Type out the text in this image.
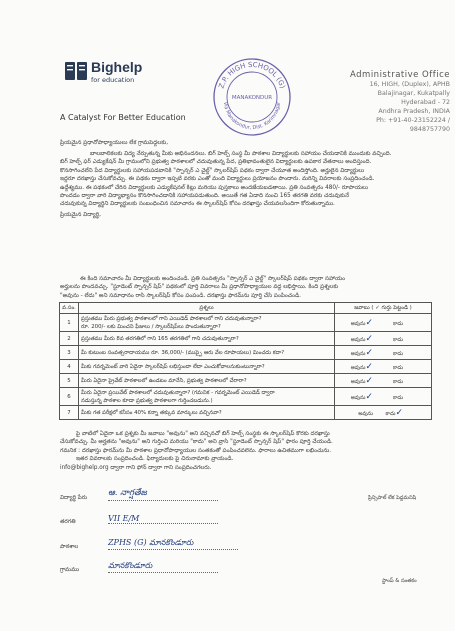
Bighelp
for education
A Catalyst For Better Education
Z.P. HIGH SCHOOL (G)
Via Manakondur, Dist. Karimnagar
MANAKONDUR
Administrative Office
16, HIGH, (Duplex), APHB
Balajinagar, Kukatpally
Hyderabad - 72
Andhra Pradesh, INDIA
Ph: +91-40-23152224 / 9848757790
ప్రియమైన ప్రధానోపాధ్యాయులు లేక గ్రామపెద్దలకు,
బాలబాలికలకు విద్య నేర్పుతున్న మీకు అభినందనలు. బిగ్ హెల్ప్ సంస్థ మీ పాఠశాల విద్యార్థులకు సహాయం చేయడానికి ముందుకు వచ్చింది.
బిగ్ హెల్ప్ ఫర్ ఎడ్యుకేషన్ మీ గ్రామంలోని ప్రభుత్వ పాఠశాలలో చదువుతున్న పేద, ప్రతిభావంతులైన విద్యార్థులకు ఉపకార వేతనాలు అందిస్తుంది.
కొనసాగించలేని పేద విద్యార్థులకు సహాయపడటానికి "స్పాన్సర్ ఎ చైల్డ్" స్కాలర్‌షిప్ పథకం ద్వారా చేయూత అందిస్తోంది. అర్హులైన విద్యార్థులు
ఇద్దరూ దరఖాస్తు చేసుకోవచ్చు. ఈ పథకం ద్వారా ఇప్పటి వరకు ఎంతో మంది విద్యార్థులు ప్రయోజనం పొందారు. మరిన్ని వివరాలకు సంప్రదించండి.
ఉద్దేశ్యము. ఈ పథకంలో చేరిన విద్యార్థులకు ఎడ్యుకేషనల్ కిట్లు మరియు పుస్తకాలు అందజేయబడతాయి. ప్రతి సంవత్సరం 480/- రూపాయలు
పొందడం ద్వారా వారి విద్యాభ్యాసం కొనసాగించడానికి సహాయపడుతుంది. అయితే గత ఏడాది నుంచి 165 తరగతి వరకు చదువుకునే
చదువుకున్న విద్యార్థిని విద్యార్థులకు సంబంధించిన సమాచారం ఈ స్కాలర్‌షిప్ కోసం దరఖాస్తు చేయవలసిందిగా కోరుతున్నాము.
ప్రియమైన విద్యార్థి,
ఈ కింది సమాచారం మీ విద్యార్థులకు అందించండి. ప్రతి సంవత్సరం "స్పాన్సర్ ఎ చైల్డ్" స్కాలర్‌షిప్ పథకం ద్వారా సహాయం
అర్హులను పొందవచ్చు. "స్టూడెంట్ స్పాన్సర్ షిప్" పథకంలో పూర్తి వివరాలు మీ ప్రధానోపాధ్యాయుల వద్ద లభిస్తాయి. కింది ప్రశ్నలకు
"అవును - లేదు" అని సమాధానం రాసి స్కాలర్‌షిప్ కోసం పంపండి. దరఖాస్తు ఫారమ్‌ను పూర్తి చేసి పంపించండి.
వ.సం.	ప్రశ్నలు	జవాబు ( ✓ గుర్తు పెట్టండి )
1	ప్రస్తుతము మీరు ప్రభుత్వ పాఠశాలలో గాని ఎయిడెడ్ పాఠశాలలో గాని చదువుతున్నారా?
రూ. 200/- లకు మించని ఫీజులు / స్కాలర్‌షిప్‌లు పొందుతున్నారా?	అవును✓ కాదు
2	ప్రస్తుతము మీరు 8వ తరగతిలో గాని 165 తరగతిలో గాని చదువుతున్నారా?	అవును✓ కాదు
3	మీ కుటుంబ సంవత్సరాదాయము రూ. 36,000/- (ముప్పై ఆరు వేల రూపాయలు) మించదు కదా?	అవును✓ కాదు
4	మీకు గవర్నమెంట్ వారి ఏదైనా స్కాలర్‌షిప్ లభిస్తుందా లేదా ఎంచుకోవాలనుకుంటున్నారా?	అవును✓ కాదు
5	మీరు ఏదైనా ప్రైవేట్ పాఠశాలలో ఉండటం మానేసి, ప్రభుత్వ పాఠశాలలో చేరారా?	అవును✓ కాదు
6	మీరు ఏదైనా ప్రయివేట్ పాఠశాలలో చదువుతున్నారా? (గమనిక - గవర్నమెంట్ ఎయిడెడ్ ద్వారా
నడుస్తున్న పాఠశాల కూడా ప్రభుత్వ పాఠశాలగా గుర్తించబడును.)	అవును✓ కాదు
7	మీకు గత పరీక్షలో కనీసం 40% కన్నా తక్కువ మార్కులు వచ్చినవా?	అవును కాదు✓
పై వాటిలో ఏదైనా ఒక ప్రశ్నకు మీ జవాబు "అవును" అని వచ్చినచో బిగ్ హెల్ప్ సంస్థకు ఈ స్కాలర్‌షిప్ కొరకు దరఖాస్తు
చేసుకోవచ్చు. మీ అర్హతను "అవును" అని గుర్తించి మరియు "కాదు" అని వ్రాసి "స్టూడెంట్ స్పాన్సర్ షిప్" ఫారం పూర్తి చేయండి.
గమనిక : దరఖాస్తు ఫారమ్‌ను మీ పాఠశాల ప్రధానోపాధ్యాయుల సంతకంతో పంపించవలెను. ఫారాలు ఉచితముగా లభించును.
ఇతర వివరాలకు సంప్రదించండి. ఫిర్యాదులకు పై చిరునామాకు వ్రాయండి.
info@bighelp.org ద్వారా గాని ఫోన్ ద్వారా గాని సంప్రదించగలరు.
విద్యార్థి పేరు ఆ. నాగ్షతేజ
తరగతి	VII E/M
పాఠశాల	ZPHS (G) మానకొండూరు
గ్రామము	మానకొండూరు
ప్రిన్సిపాల్ లేక పెద్దమనిషి
స్టాంప్ & సంతకం
